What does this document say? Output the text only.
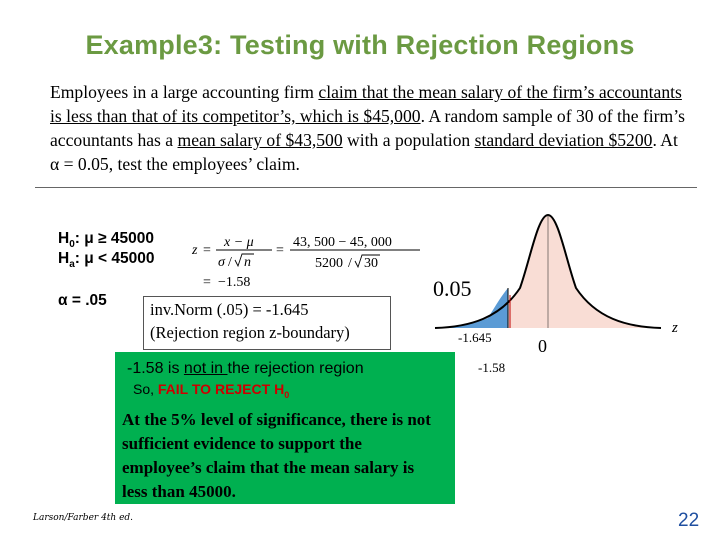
Example3: Testing with Rejection Regions
Employees in a large accounting firm claim that the mean salary of the firm’s accountants is less than that of its competitor’s, which is $45,000. A random sample of 30 of the firm’s accountants has a mean salary of $43,500 with a population standard deviation $5200. At α = 0.05, test the employees’ claim.
$H_0$: μ ≥ 45000
$H_a$: μ < 45000
α = .05
z =
x − μ
σ / n
=
43, 500 − 45, 000
5200 / 30
= −1.58
inv.Norm (.05) = -1.645
(Rejection region z-boundary)
-1.58 is not in the rejection region
So, FAIL TO REJECT $H_0$
At the 5% level of significance, there is not sufficient evidence to support the employee’s claim that the mean salary is less than 45000.
0.05
-1.645	0
z
-1.58
Larson/Farber 4th ed.	22
